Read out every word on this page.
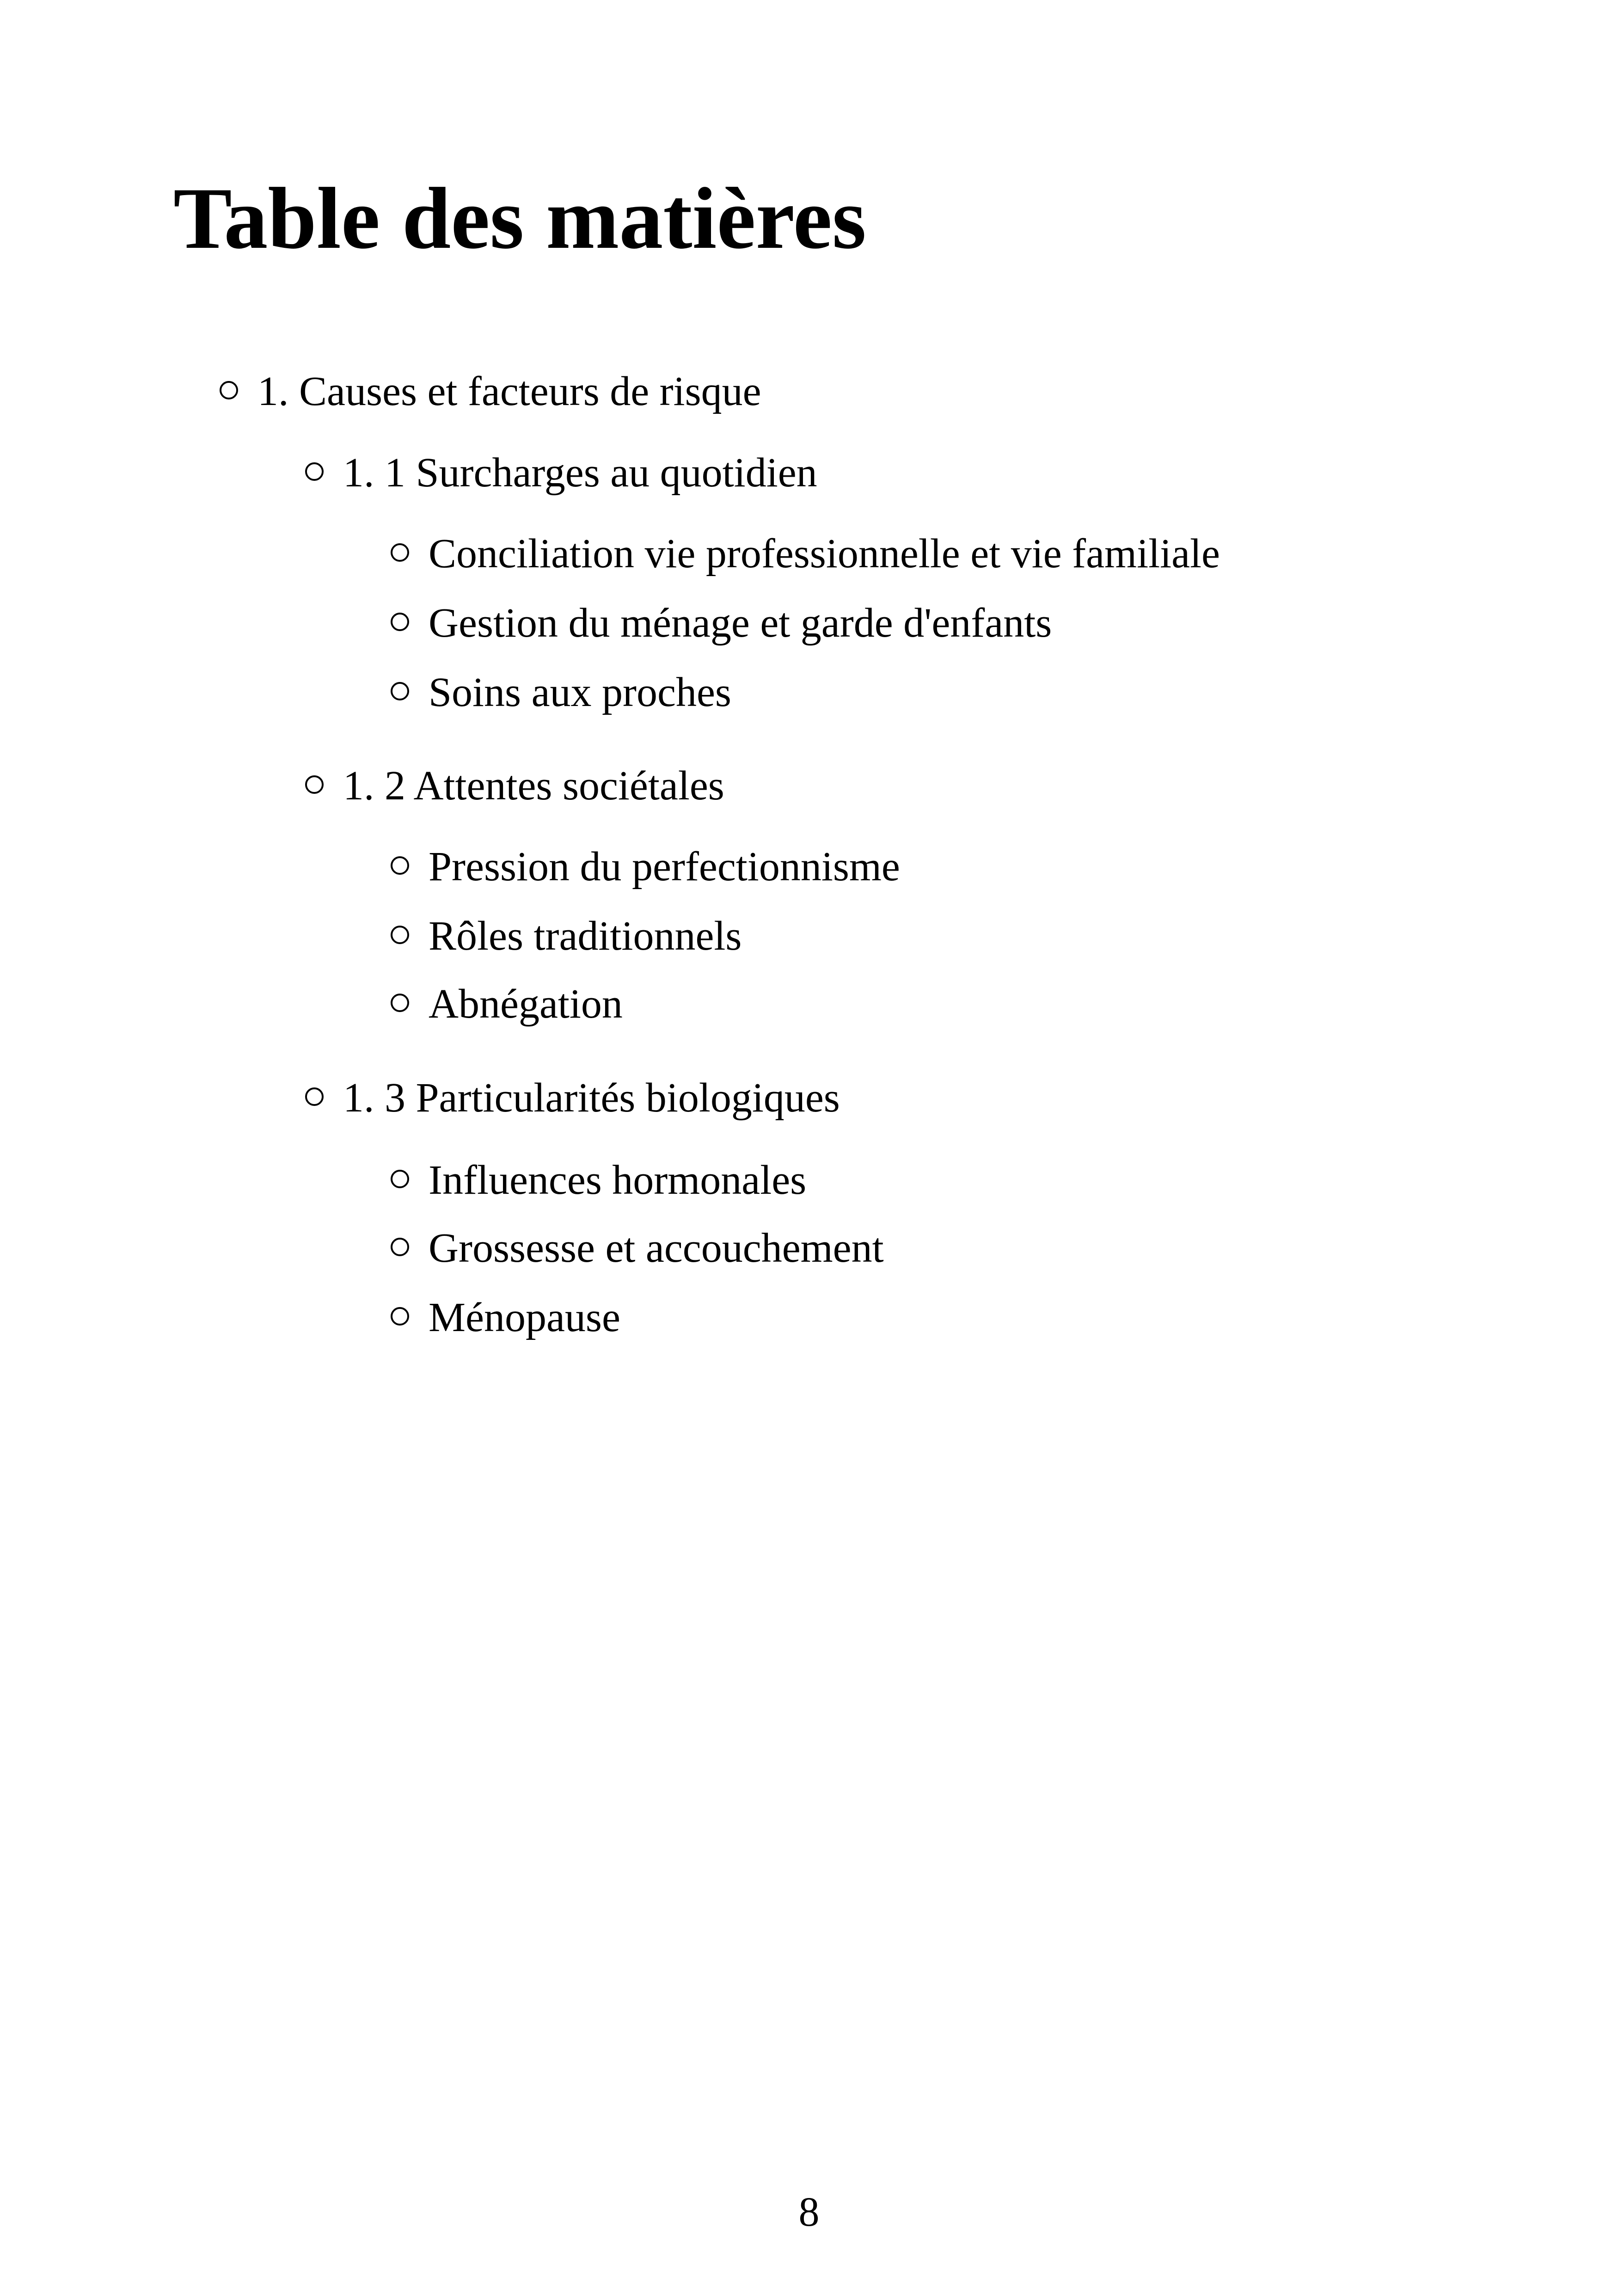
Table des matières
1. Causes et facteurs de risque
1. 1 Surcharges au quotidien
Conciliation vie professionnelle et vie familiale
Gestion du ménage et garde d'enfants
Soins aux proches
1. 2 Attentes sociétales
Pression du perfectionnisme
Rôles traditionnels
Abnégation
1. 3 Particularités biologiques
Influences hormonales
Grossesse et accouchement
Ménopause
8
